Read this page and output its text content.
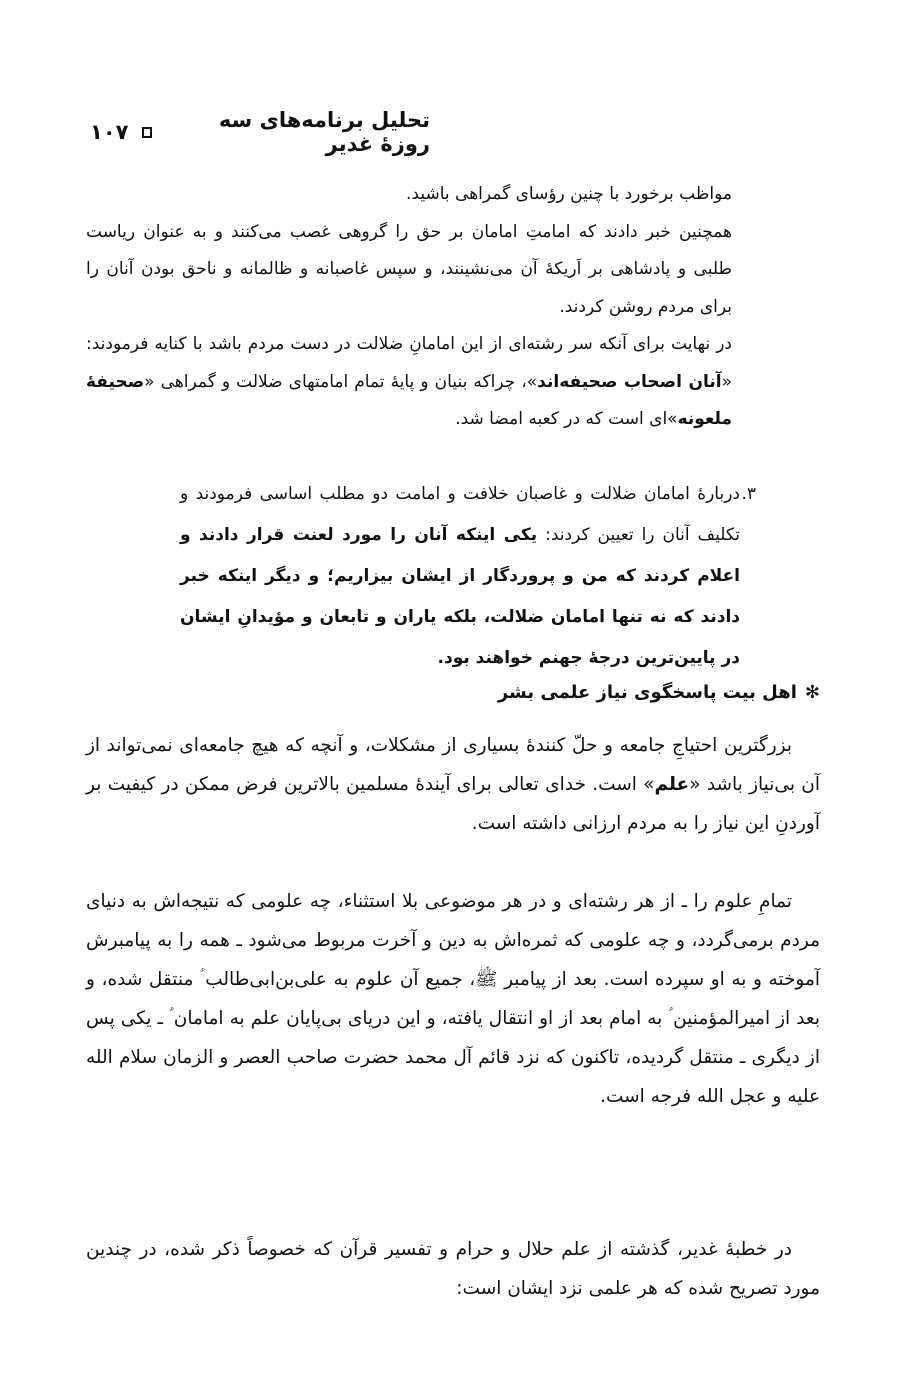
تحلیل برنامه‌های سه روزهٔ غدیر
۱۰۷

مواظب برخورد با چنین رؤسای گمراهی باشید.

همچنین خبر دادند که امامتِ امامان بر حق را گروهی غصب می‌کنند و به عنوان ریاست طلبی و پادشاهی بر اَریکهٔ آن می‌نشینند، و سپس غاصبانه و ظالمانه و ناحق بودن آنان را برای مردم روشن کردند.

در نهایت برای آنکه سر رشته‌ای از این امامانِ ضلالت در دست مردم باشد با کنایه فرمودند: «آنان اصحاب صحیفه‌اند»، چراکه بنیان و پایهٔ تمام امامتهای ضلالت و گمراهی «صحیفهٔ ملعونه»ای است که در کعبه امضا شد.

۳.

دربارهٔ امامان ضلالت و غاصبان خلافت و امامت دو مطلب اساسی فرمودند و تکلیف آنان را تعیین کردند: یکی اینکه آنان را مورد لعنت قرار دادند و اعلام کردند که من و پروردگار از ایشان بیزاریم؛ و دیگر اینکه خبر دادند که نه تنها امامان ضلالت، بلکه یاران و تابعان و مؤیدانِ ایشان در پایین‌ترین درجهٔ جهنم خواهند بود.

✻
اهل بیت پاسخگوی نیاز علمی بشر

بزرگترین احتیاجِ جامعه و حلّ کنندهٔ بسیاری از مشکلات، و آنچه که هیچ جامعه‌ای نمی‌تواند از آن بی‌نیاز باشد «علم» است. خدای تعالی برای آیندهٔ مسلمین بالاترین فرض ممکن در کیفیت بر آوردنِ این نیاز را به مردم ارزانی داشته است.

تمامِ علوم را ـ از هر رشته‌ای و در هر موضوعی بلا استثناء، چه علومی که نتیجه‌اش به دنیای مردم برمی‌گردد، و چه علومی که ثمره‌اش به دین و آخرت مربوط می‌شود ـ همه را به پیامبرش آموخته و به او سپرده است. بعد از پیامبر ﷺ، جمیع آن علوم به علی‌بن‌ابی‌طالب ؑ منتقل شده، و بعد از امیرالمؤمنین ؑ به امام بعد از او انتقال یافته، و این دریای بی‌پایان علم به امامان ؑ ـ یکی پس از دیگری ـ منتقل گردیده، تاکنون که نزد قائم آل محمد حضرت صاحب العصر و الزمان سلام الله علیه و عجل الله فرجه است.

در خطبهٔ غدیر، گذشته از علم حلال و حرام و تفسیر قرآن که خصوصاً ذکر شده، در چندین مورد تصریح شده که هر علمی نزد ایشان است:
